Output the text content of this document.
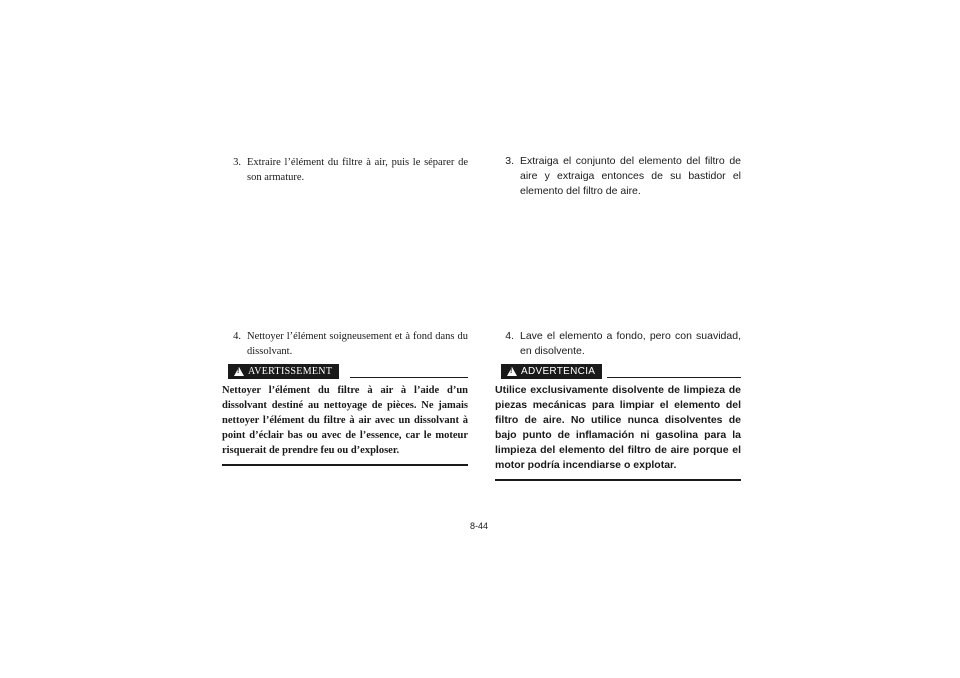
3. Extraire l’élément du filtre à air, puis le séparer de son armature.
4. Nettoyer l’élément soigneusement et à fond dans du dissolvant.
!
AVERTISSEMENT
Nettoyer l’élément du filtre à air à l’aide d’un dissolvant destiné au nettoyage de pièces. Ne jamais nettoyer l’élément du filtre à air avec un dissolvant à point d’éclair bas ou avec de l’essence, car le moteur risquerait de prendre feu ou d’exploser.
3. Extraiga el conjunto del elemento del filtro de aire y extraiga entonces de su bastidor el elemento del filtro de aire.
4. Lave el elemento a fondo, pero con suavidad, en disolvente.
!
ADVERTENCIA
Utilice exclusivamente disolvente de limpieza de piezas mecánicas para limpiar el elemento del filtro de aire. No utilice nunca disolventes de bajo punto de inflamación ni gasolina para la limpieza del elemento del filtro de aire porque el motor podría incendiarse o explotar.
8-44
